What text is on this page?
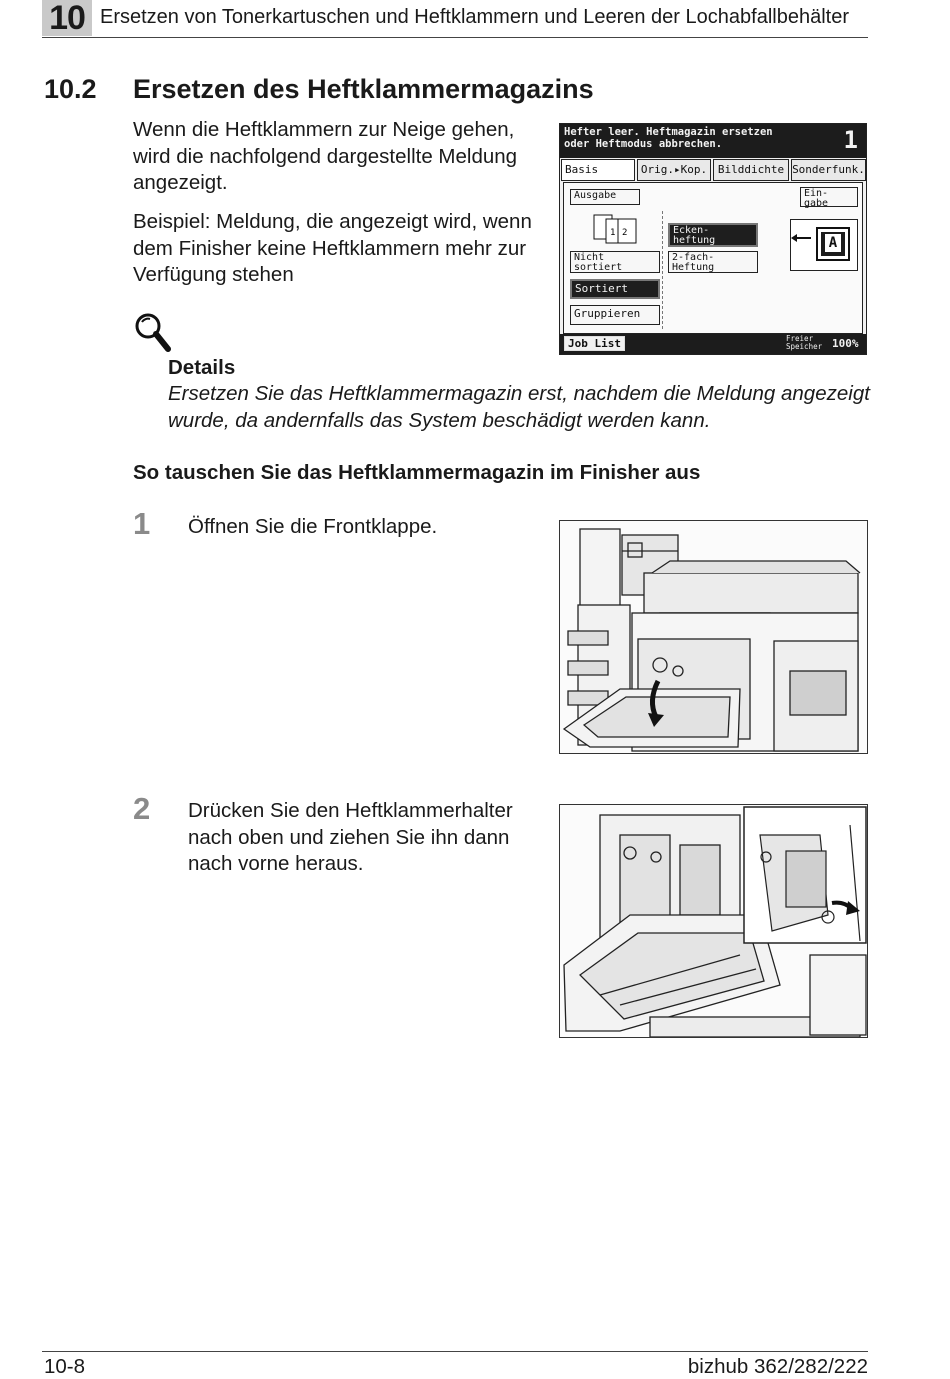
10 Ersetzen von Tonerkartuschen und Heftklammern und Leeren der Lochabfallbehälter
10.2 Ersetzen des Heftklammermagazins
Wenn die Heftklammern zur Neige gehen, wird die nachfolgend dargestellte Meldung angezeigt.
Beispiel: Meldung, die angezeigt wird, wenn dem Finisher keine Heftklammern mehr zur Verfügung stehen
Hefter leer. Heftmagazin ersetzen
oder Heftmodus abbrechen.	1
Basis	Orig.▸Kop. Bilddichte Sonderfunk.
Ausgabe	Ein-
gabe
2
1
Nicht
sortiert
Sortiert
Gruppieren
Ecken-
heftung
2-fach-
Heftung
A
Job List	Freier
Speicher 100%
Details
Ersetzen Sie das Heftklammermagazin erst, nachdem die Meldung angezeigt wurde, da andernfalls das System beschädigt werden kann.
So tauschen Sie das Heftklammermagazin im Finisher aus
1 Öffnen Sie die Frontklappe.
2 Drücken Sie den Heftklammerhalter nach oben und ziehen Sie ihn dann nach vorne heraus.
10-8	bizhub 362/282/222
